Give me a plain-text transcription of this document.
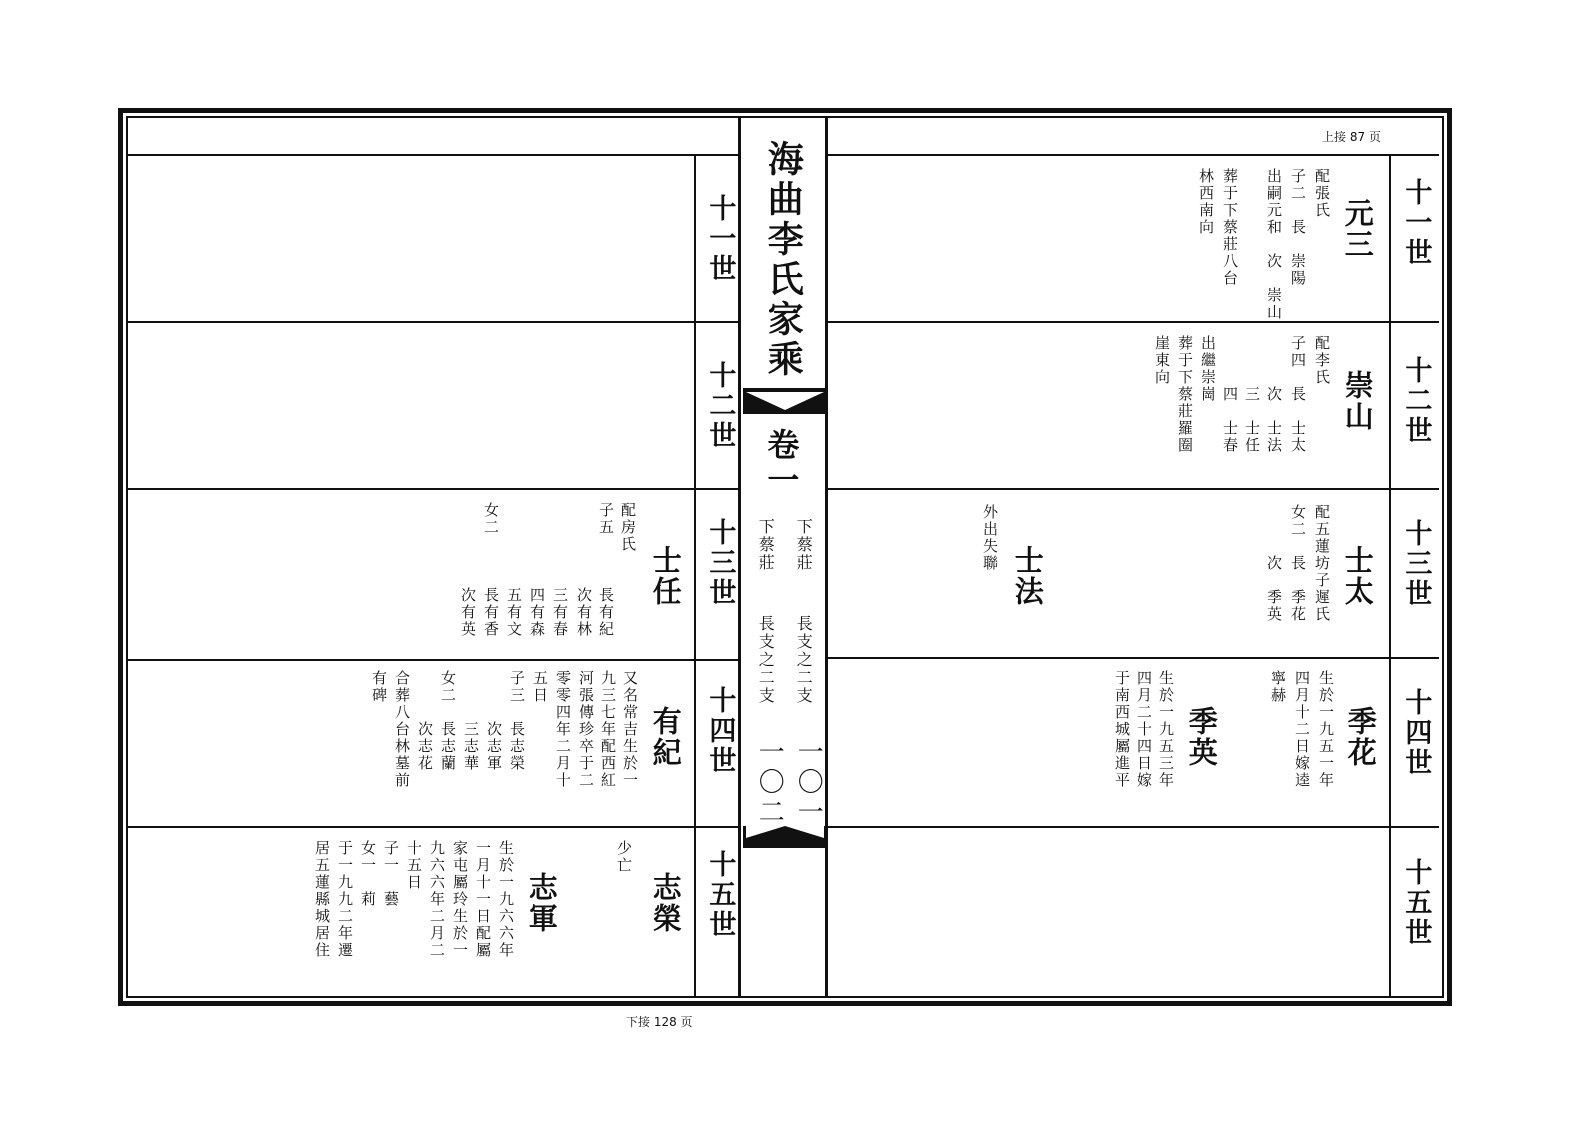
海曲李氏家乘
卷一
下蔡莊
下蔡莊
長支之二支
長支之二支
一〇一
一〇二
十一世
十二世
十三世
十四世
十五世
十一世
十二世
十三世
十四世
十五世
上接 87 页
下接 128 页
元三
配張氏
子二　長　崇陽
出嗣元和　次　崇山
葬于下蔡莊八台
林西南向
崇山
配李氏
子四　長　士太
　　　次　士法
　　　三　士任
　　　四　士春
出繼崇崗
葬于下蔡莊羅圈
崖東向
士太
配五蓮坊子遲氏
女二　長　季花
　　　次　季英
士法
外出失聯
季花
生於一九五一年
四月十二日嫁逵
寧赫
季英
生於一九五三年
四月二十四日嫁
于南西城屬進平
士任
配房氏
子五　　　長有紀
　　　　　次有林
　　　　　三有春
　　　　　四有森
　　　　　五有文
女二　　　長有香
　　　　　次有英
有紀
又名常吉生於一
九三七年配西紅
河張傳珍卒于二
零零四年二月十
五日
子三　長志榮
　　　次志軍
　　　三志華
女二　長志蘭
　　　次志花
合葬八台林墓前
有碑
志榮
少亡
志軍
生於一九六六年
一月十一日配屬
家屯屬玲生於一
九六六年二月二
十五日
子一　藝
女一　莉
于一九九二年遷
居五蓮縣城居住
